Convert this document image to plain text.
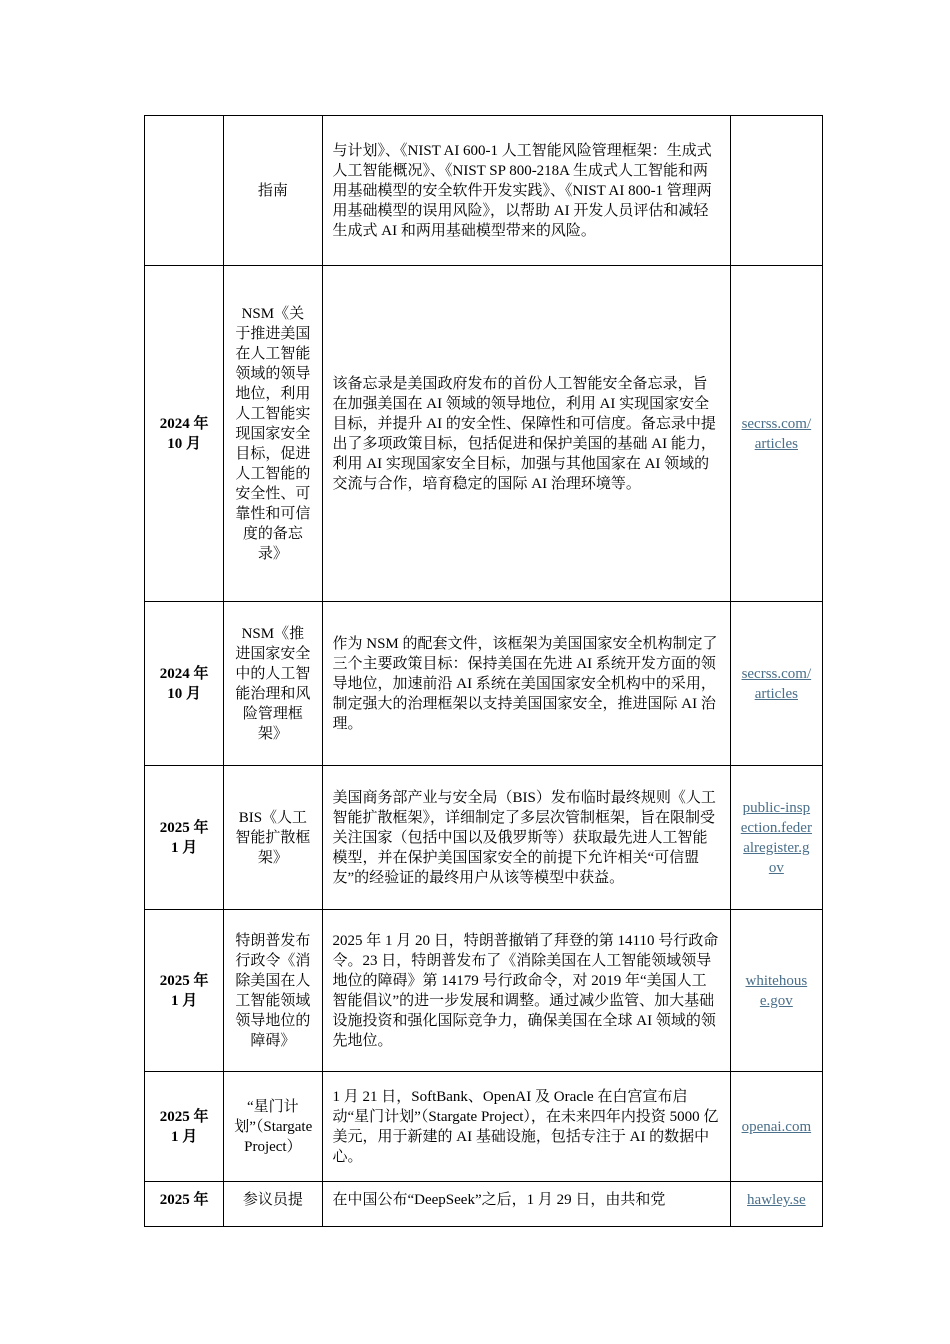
	指南	与计划》、《NIST AI 600-1 人工智能风险管理框架：生成式人工智能概况》、《NIST SP 800-218A 生成式人工智能和两用基础模型的安全软件开发实践》、《NIST AI 800-1 管理两用基础模型的误用风险》，以帮助 AI 开发人员评估和减轻生成式 AI 和两用基础模型带来的风险。	
2024 年 10 月	NSM《关于推进美国在人工智能领域的领导地位，利用人工智能实现国家安全目标，促进人工智能的安全性、可靠性和可信度的备忘录》	该备忘录是美国政府发布的首份人工智能安全备忘录，旨在加强美国在 AI 领域的领导地位，利用 AI 实现国家安全目标，并提升 AI 的安全性、保障性和可信度。备忘录中提出了多项政策目标，包括促进和保护美国的基础 AI 能力，利用 AI 实现国家安全目标，加强与其他国家在 AI 领域的交流与合作，培育稳定的国际 AI 治理环境等。	secrss.com/articles
2024 年 10 月	NSM《推进国家安全中的人工智能治理和风险管理框架》	作为 NSM 的配套文件，该框架为美国国家安全机构制定了三个主要政策目标：保持美国在先进 AI 系统开发方面的领导地位，加速前沿 AI 系统在美国国家安全机构中的采用，制定强大的治理框架以支持美国国家安全，推进国际 AI 治理。	secrss.com/articles
2025 年 1 月	BIS《人工智能扩散框架》	美国商务部产业与安全局（BIS）发布临时最终规则《人工智能扩散框架》，详细制定了多层次管制框架，旨在限制受关注国家（包括中国以及俄罗斯等）获取最先进人工智能模型，并在保护美国国家安全的前提下允许相关“可信盟友”的经验证的最终用户从该等模型中获益。	public-inspection.federalregister.gov
2025 年 1 月	特朗普发布行政令《消除美国在人工智能领域领导地位的障碍》	2025 年 1 月 20 日，特朗普撤销了拜登的第 14110 号行政命令。23 日，特朗普发布了《消除美国在人工智能领域领导地位的障碍》第 14179 号行政命令，对 2019 年“美国人工智能倡议”的进一步发展和调整。通过减少监管、加大基础设施投资和强化国际竞争力，确保美国在全球 AI 领域的领先地位。	whitehouse.gov
2025 年 1 月	“星门计划”（Stargate Project）	1 月 21 日，SoftBank、OpenAI 及 Oracle 在白宫宣布启动“星门计划”（Stargate Project），在未来四年内投资 5000 亿美元，用于新建的 AI 基础设施，包括专注于 AI 的数据中心。	openai.com
2025 年	参议员提	在中国公布“DeepSeek”之后，1 月 29 日，由共和党	hawley.se
